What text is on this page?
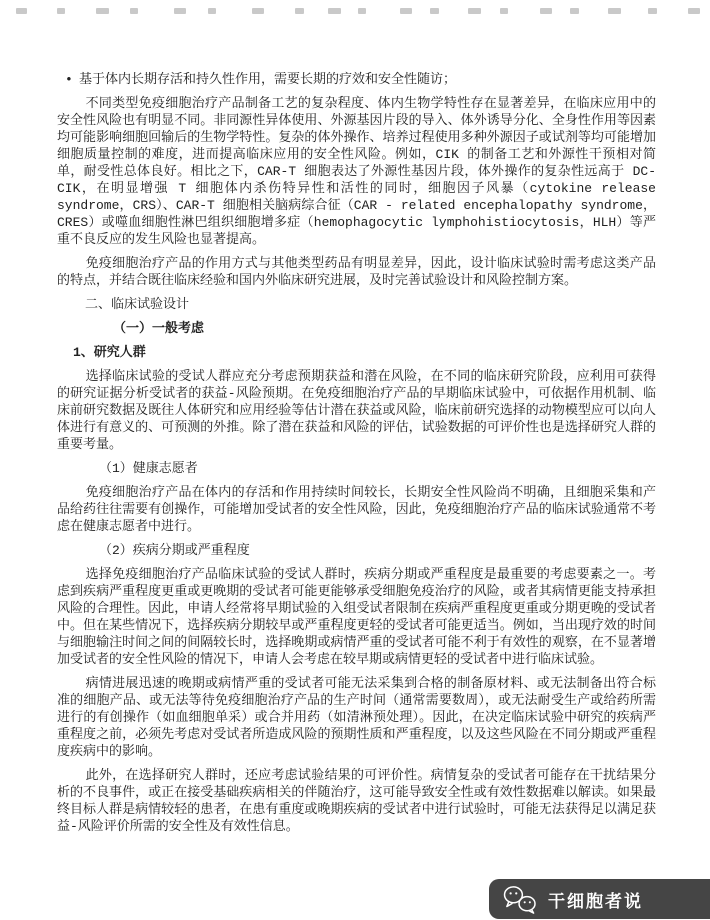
• 基于体内长期存活和持久性作用，需要长期的疗效和安全性随访；

不同类型免疫细胞治疗产品制备工艺的复杂程度、体内生物学特性存在显著差异，在临床应用中的安全性风险也有明显不同。非同源性异体使用、外源基因片段的导入、体外诱导分化、全身性作用等因素均可能影响细胞回输后的生物学特性。复杂的体外操作、培养过程使用多种外源因子或试剂等均可能增加细胞质量控制的难度，进而提高临床应用的安全性风险。例如，CIK 的制备工艺和外源性干预相对简单，耐受性总体良好。相比之下，CAR-T 细胞表达了外源性基因片段，体外操作的复杂性远高于 DC-CIK，在明显增强 T 细胞体内杀伤特异性和活性的同时，细胞因子风暴（cytokine release syndrome，CRS）、CAR-T 细胞相关脑病综合征（CAR - related encephalopathy syndrome，CRES）或噬血细胞性淋巴组织细胞增多症（hemophagocytic lymphohistiocytosis，HLH）等严重不良反应的发生风险也显著提高。

免疫细胞治疗产品的作用方式与其他类型药品有明显差异，因此，设计临床试验时需考虑这类产品的特点，并结合既往临床经验和国内外临床研究进展，及时完善试验设计和风险控制方案。

二、临床试验设计

（一）一般考虑

1、研究人群

选择临床试验的受试人群应充分考虑预期获益和潜在风险，在不同的临床研究阶段，应利用可获得的研究证据分析受试者的获益-风险预期。在免疫细胞治疗产品的早期临床试验中，可依据作用机制、临床前研究数据及既往人体研究和应用经验等估计潜在获益或风险，临床前研究选择的动物模型应可以向人体进行有意义的、可预测的外推。除了潜在获益和风险的评估，试验数据的可评价性也是选择研究人群的重要考量。

（1）健康志愿者

免疫细胞治疗产品在体内的存活和作用持续时间较长，长期安全性风险尚不明确，且细胞采集和产品给药往往需要有创操作，可能增加受试者的安全性风险，因此，免疫细胞治疗产品的临床试验通常不考虑在健康志愿者中进行。

（2）疾病分期或严重程度

选择免疫细胞治疗产品临床试验的受试人群时，疾病分期或严重程度是最重要的考虑要素之一。考虑到疾病严重程度更重或更晚期的受试者可能更能够承受细胞免疫治疗的风险，或者其病情更能支持承担风险的合理性。因此，申请人经常将早期试验的入组受试者限制在疾病严重程度更重或分期更晚的受试者中。但在某些情况下，选择疾病分期较早或严重程度更轻的受试者可能更适当。例如，当出现疗效的时间与细胞输注时间之间的间隔较长时，选择晚期或病情严重的受试者可能不利于有效性的观察，在不显著增加受试者的安全性风险的情况下，申请人会考虑在较早期或病情更轻的受试者中进行临床试验。

病情进展迅速的晚期或病情严重的受试者可能无法采集到合格的制备原材料、或无法制备出符合标准的细胞产品、或无法等待免疫细胞治疗产品的生产时间（通常需要数周），或无法耐受生产或给药所需进行的有创操作（如血细胞单采）或合并用药（如清淋预处理）。因此，在决定临床试验中研究的疾病严重程度之前，必须先考虑对受试者所造成风险的预期性质和严重程度，以及这些风险在不同分期或严重程度疾病中的影响。

此外，在选择研究人群时，还应考虑试验结果的可评价性。病情复杂的受试者可能存在干扰结果分析的不良事件，或正在接受基础疾病相关的伴随治疗，这可能导致安全性或有效性数据难以解读。如果最终目标人群是病情较轻的患者，在患有重度或晚期疾病的受试者中进行试验时，可能无法获得足以满足获益-风险评价所需的安全性及有效性信息。

干细胞者说
